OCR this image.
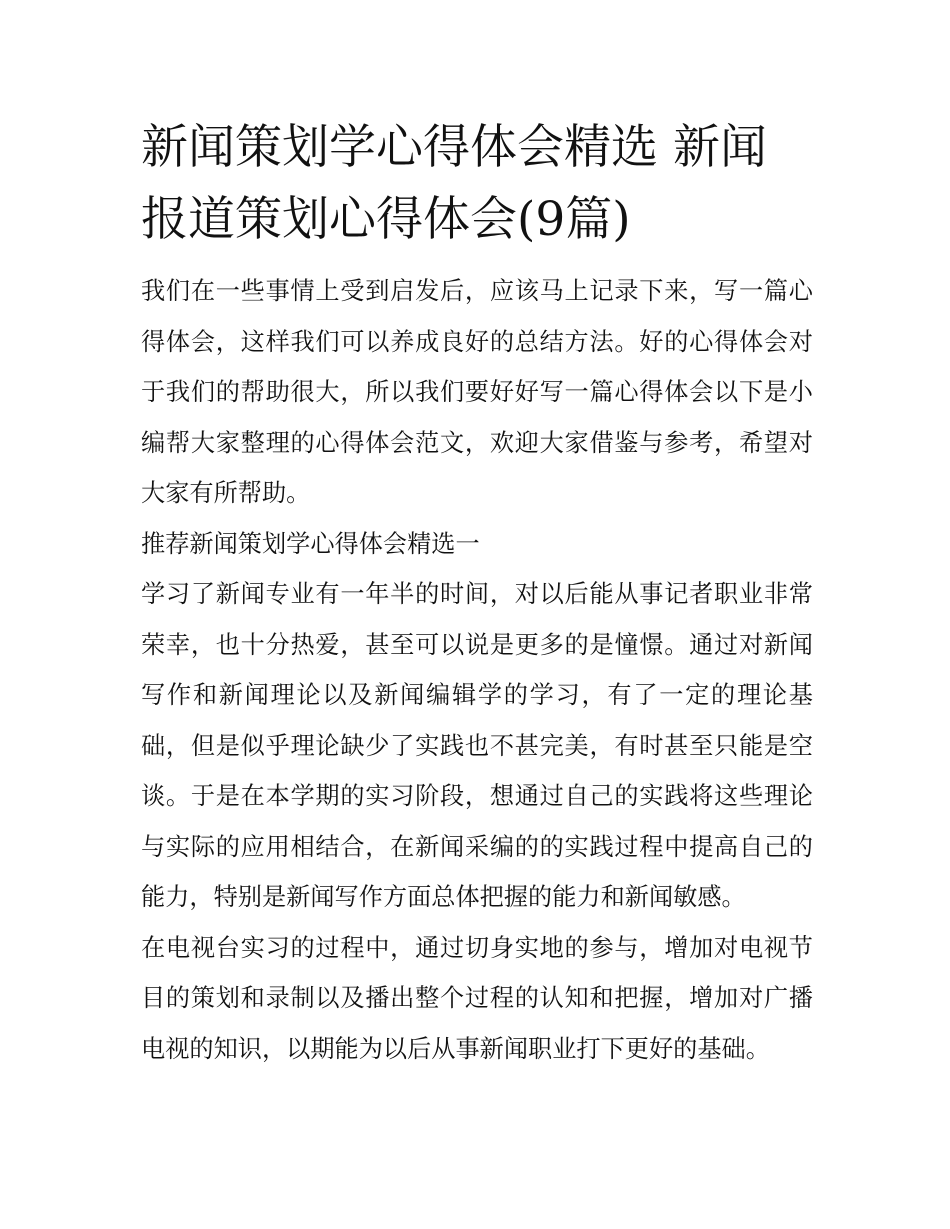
新闻策划学心得体会精选 新闻报道策划心得体会(9篇)

我们在一些事情上受到启发后，应该马上记录下来，写一篇心得体会，这样我们可以养成良好的总结方法。好的心得体会对于我们的帮助很大，所以我们要好好写一篇心得体会以下是小编帮大家整理的心得体会范文，欢迎大家借鉴与参考，希望对大家有所帮助。

推荐新闻策划学心得体会精选一

学习了新闻专业有一年半的时间，对以后能从事记者职业非常荣幸，也十分热爱，甚至可以说是更多的是憧憬。通过对新闻写作和新闻理论以及新闻编辑学的学习，有了一定的理论基础，但是似乎理论缺少了实践也不甚完美，有时甚至只能是空谈。于是在本学期的实习阶段，想通过自己的实践将这些理论与实际的应用相结合，在新闻采编的的实践过程中提高自己的能力，特别是新闻写作方面总体把握的能力和新闻敏感。

在电视台实习的过程中，通过切身实地的参与，增加对电视节目的策划和录制以及播出整个过程的认知和把握，增加对广播电视的知识，以期能为以后从事新闻职业打下更好的基础。
